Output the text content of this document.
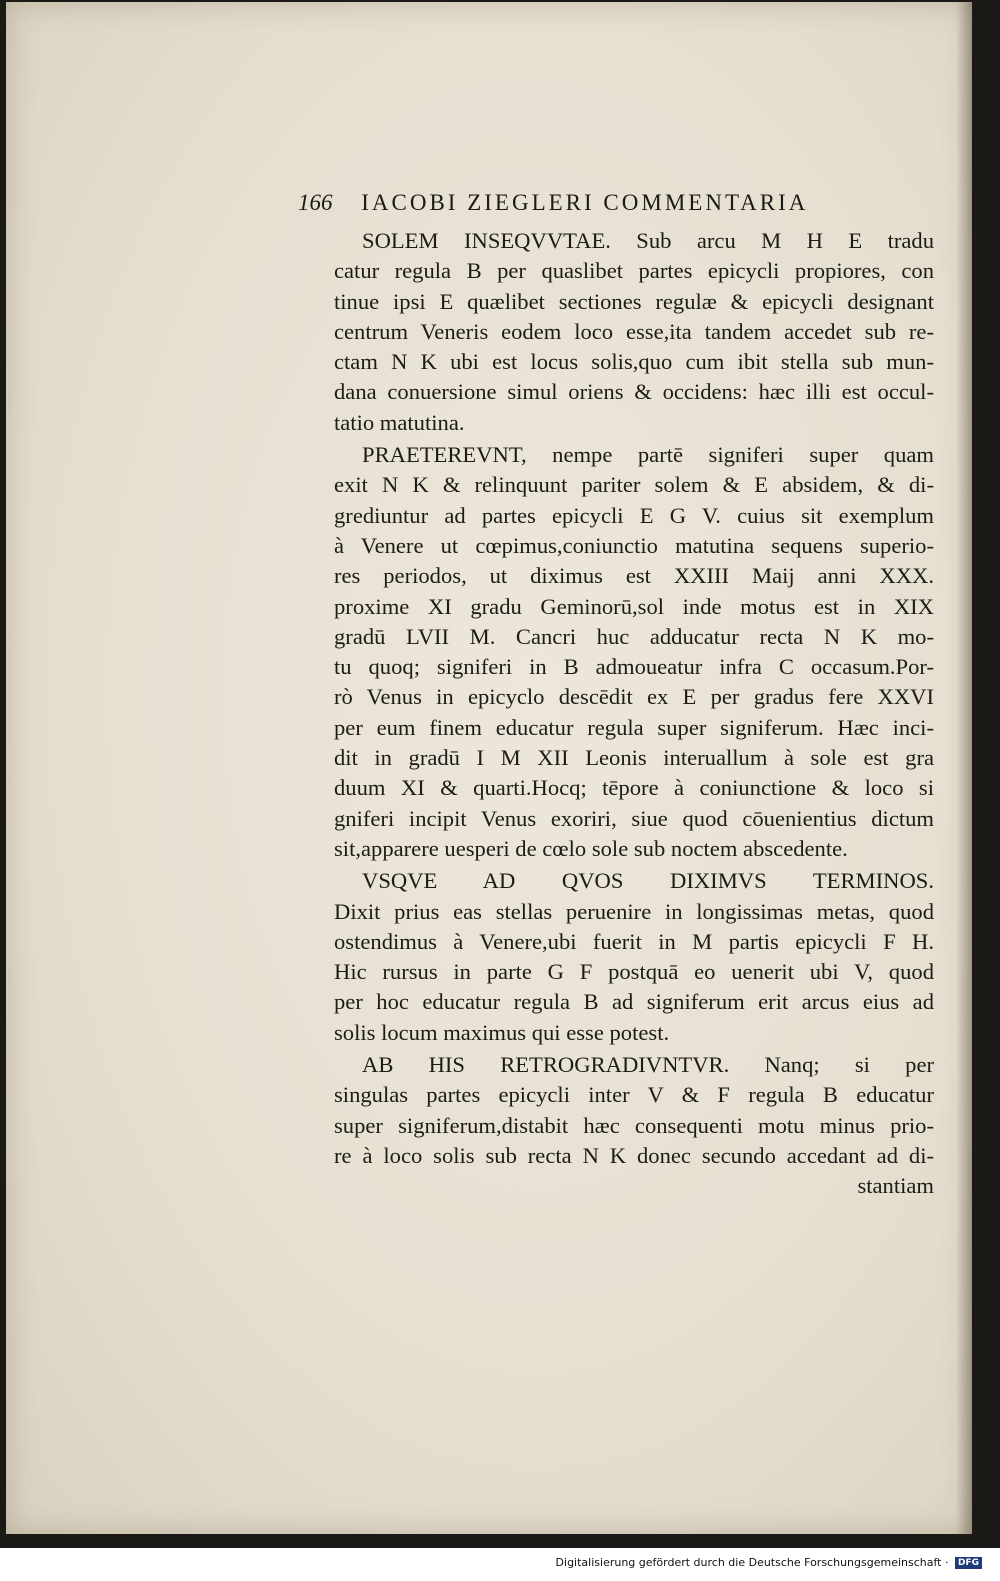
166 IACOBI ZIEGLERI COMMENTARIA
SOLEM INSEQVVTAE. Sub arcu M H E tradu
catur regula B per quaslibet partes epicycli propiores, con
tinue ipsi E quælibet sectiones regulæ & epicycli designant
centrum Veneris eodem loco esse,ita tandem accedet sub re-
ctam N K ubi est locus solis,quo cum ibit stella sub mun-
dana conuersione simul oriens & occidens: hæc illi est occul-
tatio matutina.
PRAETEREVNT, nempe partē signiferi super quam
exit N K & relinquunt pariter solem & E absidem, & di-
grediuntur ad partes epicycli E G V. cuius sit exemplum
à Venere ut cœpimus,coniunctio matutina sequens superio-
res periodos, ut diximus est XXIII Maij anni XXX.
proxime XI gradu Geminorū,sol inde motus est in XIX
gradū LVII M. Cancri huc adducatur recta N K mo-
tu quoq; signiferi in B admoueatur infra C occasum.Por-
rò Venus in epicyclo descēdit ex E per gradus fere XXVI
per eum finem educatur regula super signiferum. Hæc inci-
dit in gradū I M XII Leonis interuallum à sole est gra
duum XI & quarti.Hocq; tēpore à coniunctione & loco si
gniferi incipit Venus exoriri, siue quod cōuenientius dictum
sit,apparere uesperi de cœlo sole sub noctem abscedente.
VSQVE AD QVOS DIXIMVS TERMINOS.
Dixit prius eas stellas peruenire in longissimas metas, quod
ostendimus à Venere,ubi fuerit in M partis epicycli F H.
Hic rursus in parte G F postquā eo uenerit ubi V, quod
per hoc educatur regula B ad signiferum erit arcus eius ad
solis locum maximus qui esse potest.
AB HIS RETROGRADIVNTVR. Nanq; si per
singulas partes epicycli inter V & F regula B educatur
super signiferum,distabit hæc consequenti motu minus prio-
re à loco solis sub recta N K donec secundo accedant ad di-
stantiam
Digitalisierung gefördert durch die Deutsche Forschungsgemeinschaft · DFG
